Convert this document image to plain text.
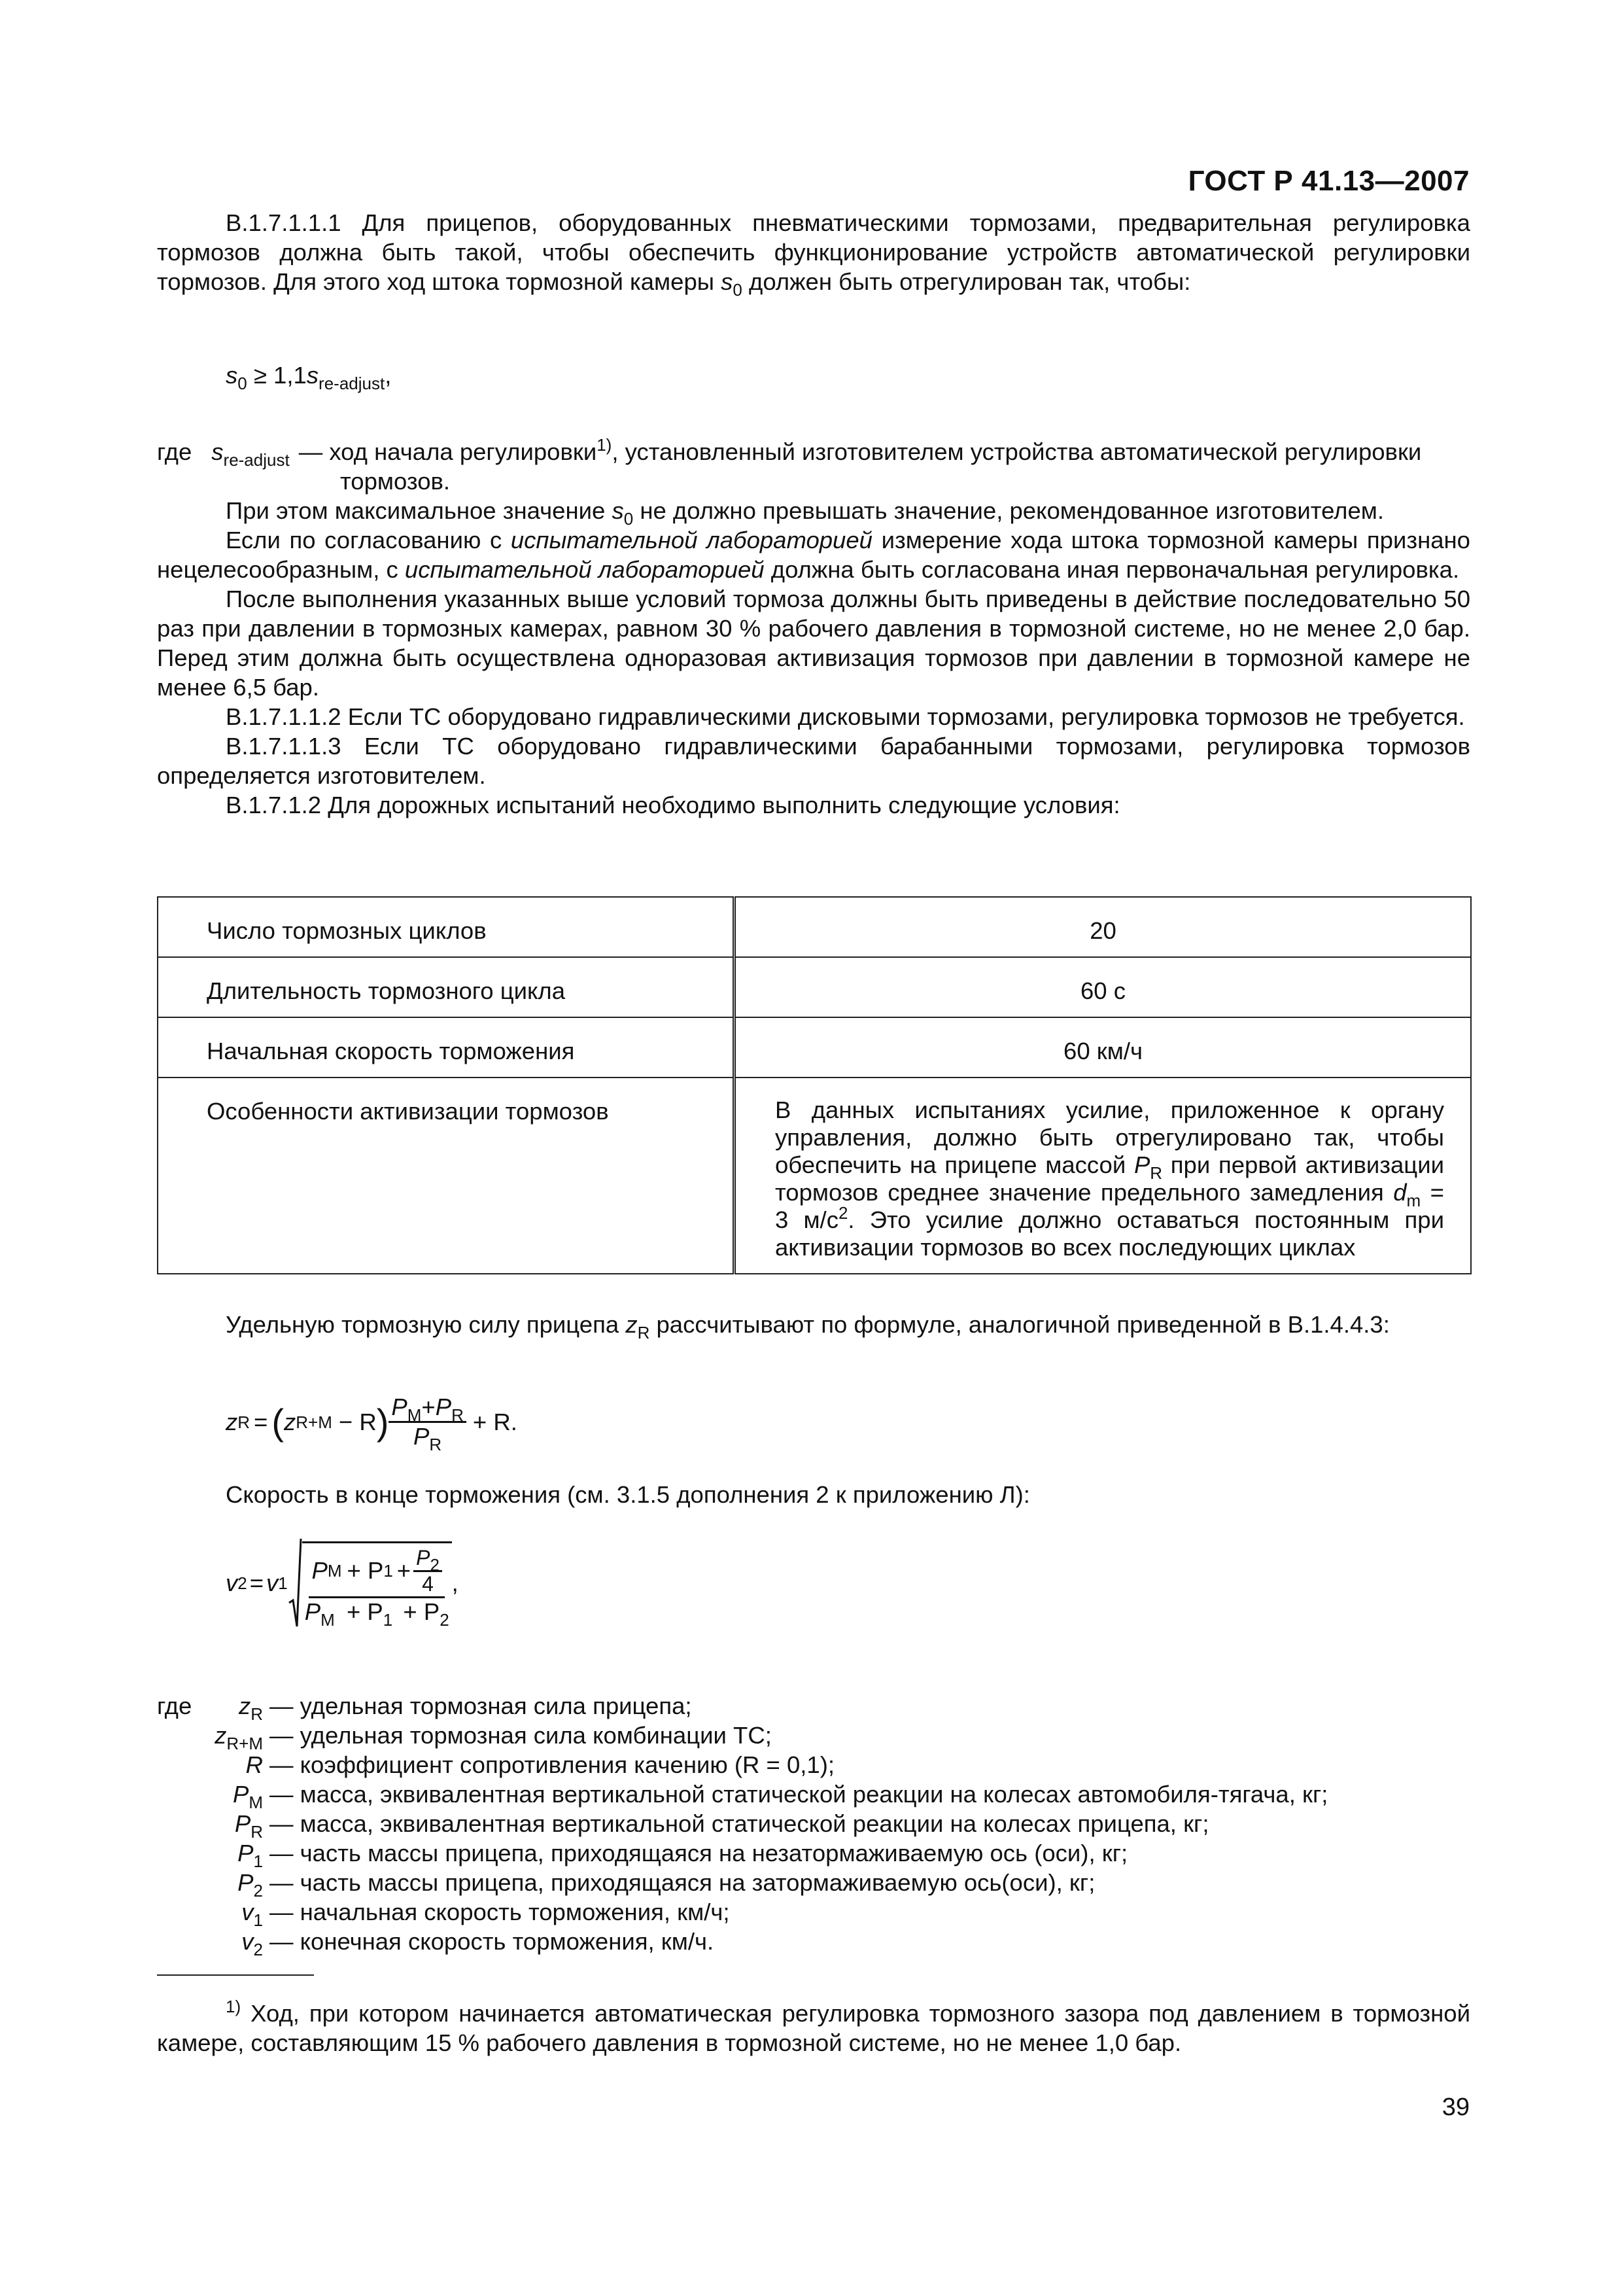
ГОСТ Р 41.13—2007

В.1.7.1.1.1 Для прицепов, оборудованных пневматическими тормозами, предварительная регулировка тормозов должна быть такой, чтобы обеспечить функционирование устройств автоматической регулировки тормозов. Для этого ход штока тормозной камеры $s_0$ должен быть отрегулирован так, чтобы:

$s_0 \ge 1,1s_{re-adjust}$,
где $s_{re-adjust}$ — ход начала регулировки$^{1)}$, установленный изготовителем устройства автоматической регулировки
тормозов.

При этом максимальное значение $s_0$ не должно превышать значение, рекомендованное изготовителем.

Если по согласованию с испытательной лабораторией измерение хода штока тормозной камеры признано нецелесообразным, с испытательной лабораторией должна быть согласована иная первоначальная регулировка.

После выполнения указанных выше условий тормоза должны быть приведены в действие последовательно 50 раз при давлении в тормозных камерах, равном 30 % рабочего давления в тормозной системе, но не менее 2,0 бар. Перед этим должна быть осуществлена одноразовая активизация тормозов при давлении в тормозной камере не менее 6,5 бар.

В.1.7.1.1.2 Если ТС оборудовано гидравлическими дисковыми тормозами, регулировка тормозов не требуется.

В.1.7.1.1.3 Если ТС оборудовано гидравлическими барабанными тормозами, регулировка тормозов определяется изготовителем.

В.1.7.1.2 Для дорожных испытаний необходимо выполнить следующие условия:

Число тормозных циклов	20
Длительность тормозного цикла	60 с
Начальная скорость торможения	60 км/ч
Особенности активизации тормозов	В данных испытаниях усилие, приложенное к органу управления, должно быть отрегулировано так, чтобы обеспечить на прицепе массой $P_R$ при первой активизации тормозов среднее значение предельного замедления $d_m = 3$ $м/с^2$. Это усилие должно оставаться постоянным при активизации тормозов во всех последующих циклах

Удельную тормозную силу прицепа $z_R$ рассчитывают по формуле, аналогичной приведенной в В.1.4.4.3:

z R = ( z R+M − R ) $\frac{P_M+P_R}{P_R} + R$.

Скорость в конце торможения (см. 3.1.5 дополнения 2 к приложению Л):

v 2 = v 1 P M + P $1 + \frac{P_2}{4}$
$P_M + P_1 + P_2$
,
где	$z_R$ — удельная тормозная сила прицепа;
$z_{R+M}$ — удельная тормозная сила комбинации ТС;
R — коэффициент сопротивления качению (R = 0,1);
$P_M$ — масса, эквивалентная вертикальной статической реакции на колесах автомобиля-тягача, кг;
$P_R$ — масса, эквивалентная вертикальной статической реакции на колесах прицепа, кг;
$P_1$ — часть массы прицепа, приходящаяся на незатормаживаемую ось (оси), кг;
$P_2$ — часть массы прицепа, приходящаяся на затормаживаемую ось(оси), кг;
$v_1$ — начальная скорость торможения, км/ч;
$v_2$ — конечная скорость торможения, км/ч.

$^{1)}$ Ход, при котором начинается автоматическая регулировка тормозного зазора под давлением в тормозной камере, составляющим 15 % рабочего давления в тормозной системе, но не менее 1,0 бар.

39
